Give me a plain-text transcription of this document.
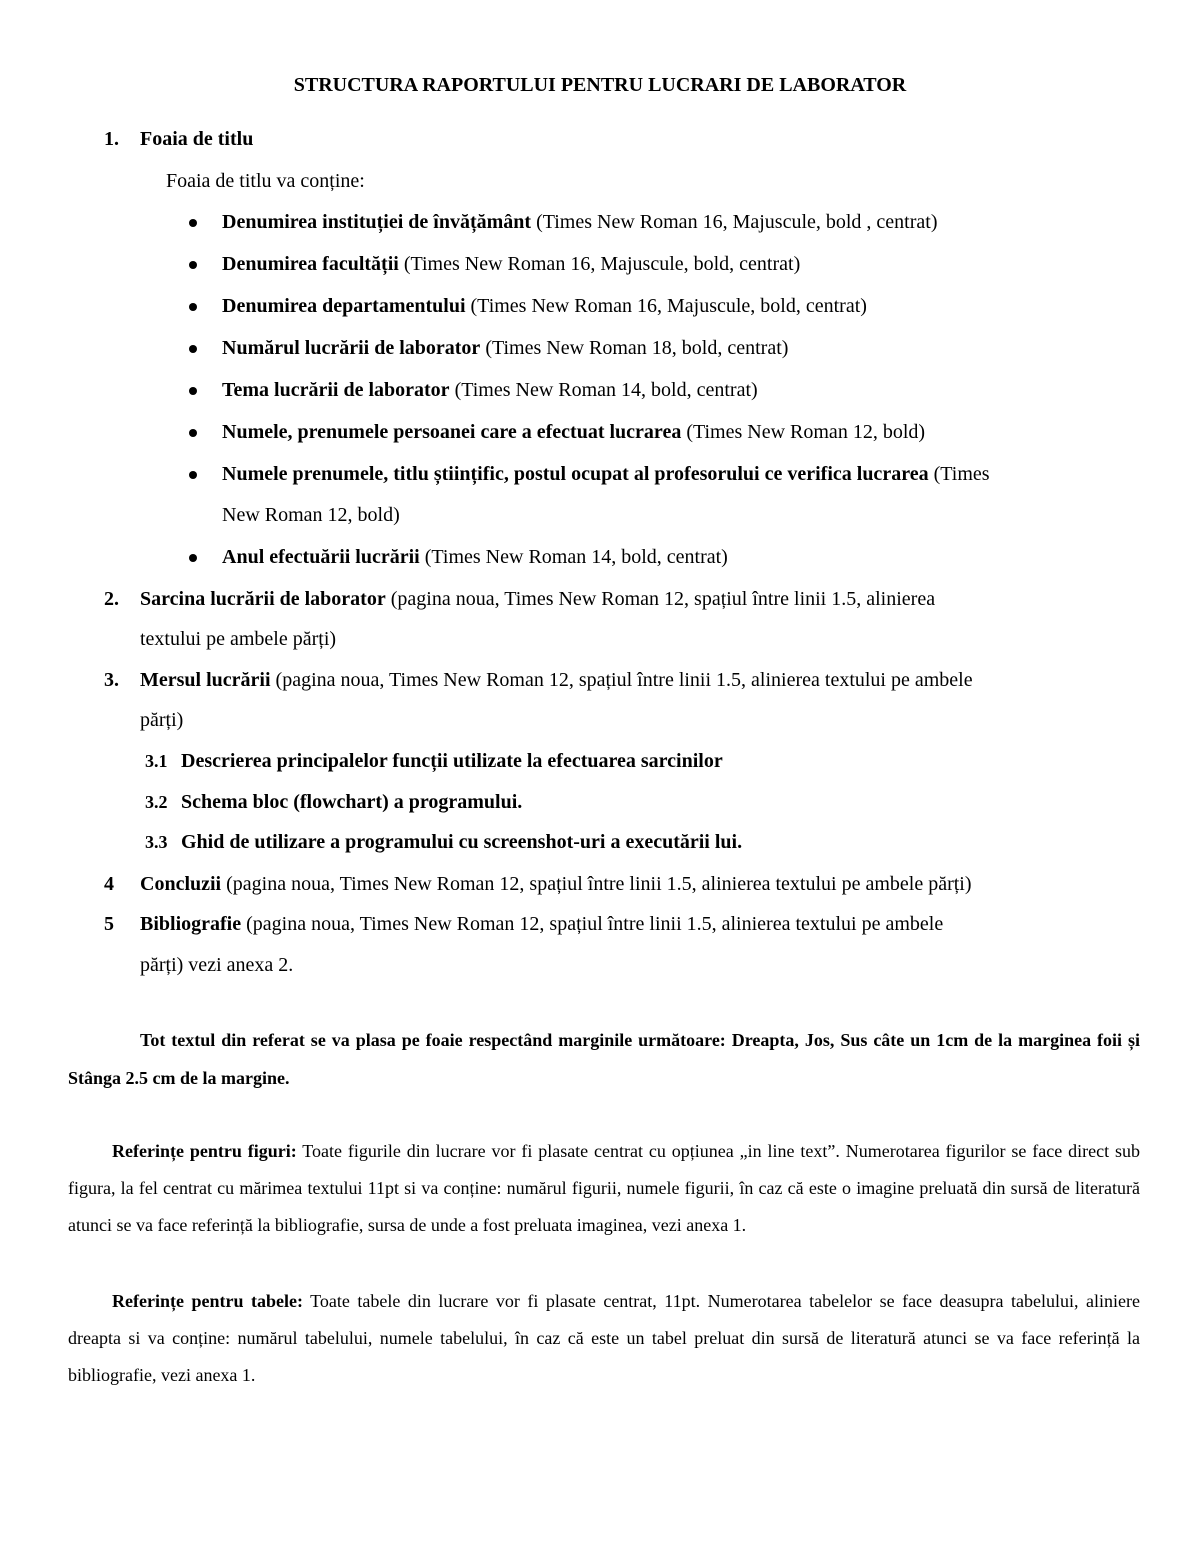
STRUCTURA RAPORTULUI PENTRU LUCRARI DE LABORATOR
1. Foaia de titlu
Foaia de titlu va conține:
Denumirea instituției de învățământ (Times New Roman 16, Majuscule, bold , centrat)
Denumirea facultății (Times New Roman 16, Majuscule, bold, centrat)
Denumirea departamentului (Times New Roman 16, Majuscule, bold, centrat)
Numărul lucrării de laborator (Times New Roman 18, bold, centrat)
Tema lucrării de laborator (Times New Roman 14, bold, centrat)
Numele, prenumele persoanei care a efectuat lucrarea (Times New Roman 12, bold)
Numele prenumele, titlu științific, postul ocupat al profesorului ce verifica lucrarea (Times
New Roman 12, bold)
Anul efectuării lucrării (Times New Roman 14, bold, centrat)
2. Sarcina lucrării de laborator (pagina noua, Times New Roman 12, spațiul între linii 1.5, alinierea
textului pe ambele părți)
3. Mersul lucrării (pagina noua, Times New Roman 12, spațiul între linii 1.5, alinierea textului pe ambele
părți)
3.1 Descrierea principalelor funcții utilizate la efectuarea sarcinilor
3.2 Schema bloc (flowchart) a programului.
3.3 Ghid de utilizare a programului cu screenshot-uri a executării lui.
4 Concluzii (pagina noua, Times New Roman 12, spațiul între linii 1.5, alinierea textului pe ambele părți)
5 Bibliografie (pagina noua, Times New Roman 12, spațiul între linii 1.5, alinierea textului pe ambele
părți) vezi anexa 2.
Tot textul din referat se va plasa pe foaie respectând marginile următoare: Dreapta, Jos, Sus câte un 1cm de la marginea foii și Stânga 2.5 cm de la margine.
Referințe pentru figuri: Toate figurile din lucrare vor fi plasate centrat cu opțiunea „in line text”. Numerotarea figurilor se face direct sub figura, la fel centrat cu mărimea textului 11pt si va conține: numărul figurii, numele figurii, în caz că este o imagine preluată din sursă de literatură atunci se va face referință la bibliografie, sursa de unde a fost preluata imaginea, vezi anexa 1.
Referințe pentru tabele: Toate tabele din lucrare vor fi plasate centrat, 11pt. Numerotarea tabelelor se face deasupra tabelului, aliniere dreapta si va conține: numărul tabelului, numele tabelului, în caz că este un tabel preluat din sursă de literatură atunci se va face referință la bibliografie, vezi anexa 1.
